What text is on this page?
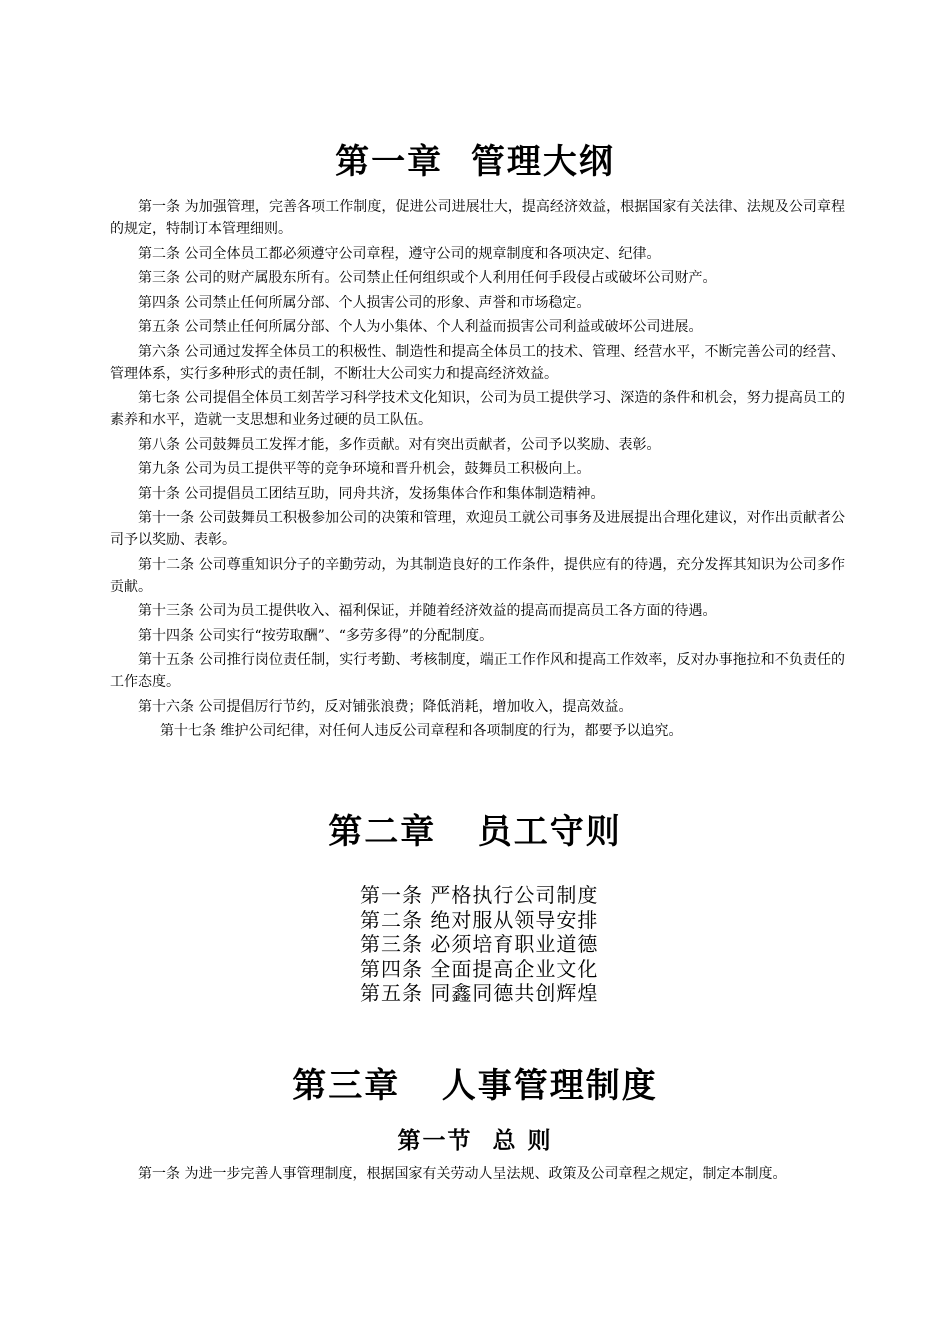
第一章  管理大纲

第一条 为加强管理，完善各项工作制度，促进公司进展壮大，提高经济效益，根据国家有关法律、法规及公司章程的规定，特制订本管理细则。

第二条 公司全体员工都必须遵守公司章程，遵守公司的规章制度和各项决定、纪律。

第三条 公司的财产属股东所有。公司禁止任何组织或个人利用任何手段侵占或破坏公司财产。

第四条 公司禁止任何所属分部、个人损害公司的形象、声誉和市场稳定。

第五条 公司禁止任何所属分部、个人为小集体、个人利益而损害公司利益或破坏公司进展。

第六条 公司通过发挥全体员工的积极性、制造性和提高全体员工的技术、管理、经营水平，不断完善公司的经营、管理体系，实行多种形式的责任制，不断壮大公司实力和提高经济效益。

第七条 公司提倡全体员工刻苦学习科学技术文化知识，公司为员工提供学习、深造的条件和机会，努力提高员工的素养和水平，造就一支思想和业务过硬的员工队伍。

第八条 公司鼓舞员工发挥才能，多作贡献。对有突出贡献者，公司予以奖励、表彰。

第九条 公司为员工提供平等的竞争环境和晋升机会，鼓舞员工积极向上。

第十条 公司提倡员工团结互助，同舟共济，发扬集体合作和集体制造精神。

第十一条 公司鼓舞员工积极参加公司的决策和管理，欢迎员工就公司事务及进展提出合理化建议，对作出贡献者公司予以奖励、表彰。

第十二条 公司尊重知识分子的辛勤劳动，为其制造良好的工作条件，提供应有的待遇，充分发挥其知识为公司多作贡献。

第十三条 公司为员工提供收入、福利保证，并随着经济效益的提高而提高员工各方面的待遇。

第十四条 公司实行“按劳取酬”、“多劳多得”的分配制度。

第十五条 公司推行岗位责任制，实行考勤、考核制度，端正工作作风和提高工作效率，反对办事拖拉和不负责任的工作态度。

第十六条 公司提倡厉行节约，反对铺张浪费；降低消耗，增加收入，提高效益。

第十七条 维护公司纪律，对任何人违反公司章程和各项制度的行为，都要予以追究。

第二章   员工守则
第一条 严格执行公司制度
第二条 绝对服从领导安排
第三条 必须培育职业道德
第四条 全面提高企业文化
第五条 同鑫同德共创辉煌
第三章   人事管理制度
第一节  总 则

第一条 为进一步完善人事管理制度，根据国家有关劳动人呈法规、政策及公司章程之规定，制定本制度。
